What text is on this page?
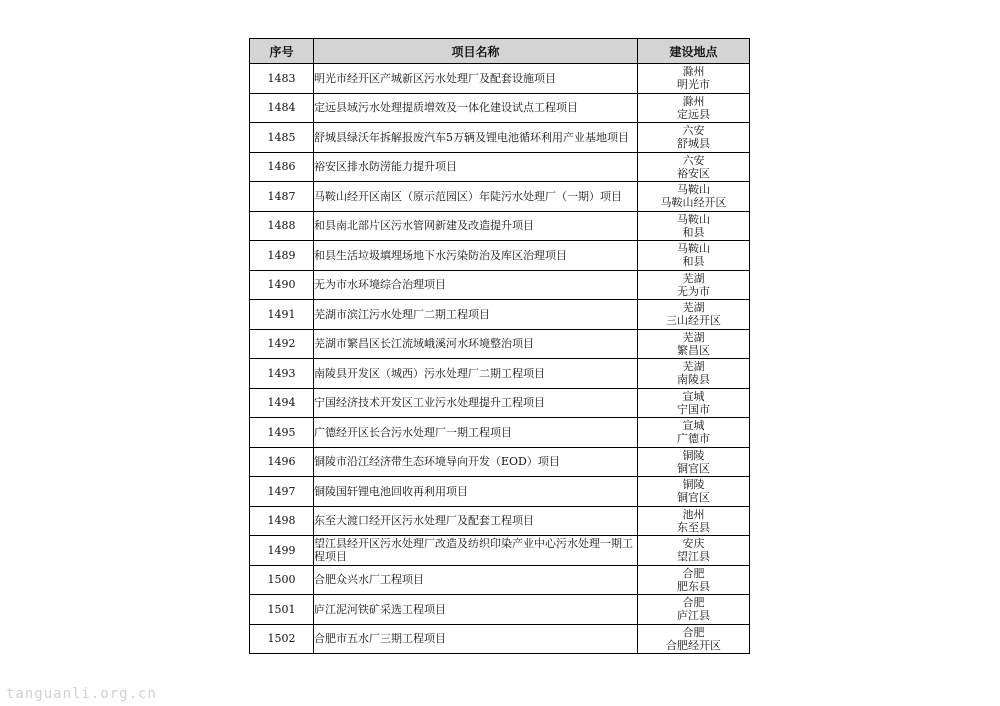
序号	项目名称	建设地点
1483	明光市经开区产城新区污水处理厂及配套设施项目	滁州
明光市

1484	定远县域污水处理提质增效及一体化建设试点工程项目	滁州
定远县

1485	舒城县绿沃年拆解报废汽车5万辆及锂电池循环利用产业基地项目	六安
舒城县

1486	裕安区排水防涝能力提升项目	六安
裕安区

1487	马鞍山经开区南区（原示范园区）年陡污水处理厂（一期）项目	马鞍山
马鞍山经开区

1488	和县南北部片区污水管网新建及改造提升项目	马鞍山
和县

1489	和县生活垃圾填埋场地下水污染防治及库区治理项目	马鞍山
和县

1490	无为市水环境综合治理项目	芜湖
无为市

1491	芜湖市滨江污水处理厂二期工程项目	芜湖
三山经开区

1492	芜湖市繁昌区长江流域峨溪河水环境整治项目	芜湖
繁昌区

1493	南陵县开发区（城西）污水处理厂二期工程项目	芜湖
南陵县

1494	宁国经济技术开发区工业污水处理提升工程项目	宣城
宁国市

1495	广德经开区长合污水处理厂一期工程项目	宣城
广德市

1496	铜陵市沿江经济带生态环境导向开发（EOD）项目	铜陵
铜官区

1497	铜陵国轩锂电池回收再利用项目	铜陵
铜官区

1498	东至大渡口经开区污水处理厂及配套工程项目	池州
东至县

1499	望江县经开区污水处理厂改造及纺织印染产业中心污水处理一期工程项目	安庆
望江县

1500	合肥众兴水厂工程项目	合肥
肥东县

1501	庐江泥河铁矿采选工程项目	合肥
庐江县

1502	合肥市五水厂三期工程项目	合肥
合肥经开区
tanguanli.org.cn
